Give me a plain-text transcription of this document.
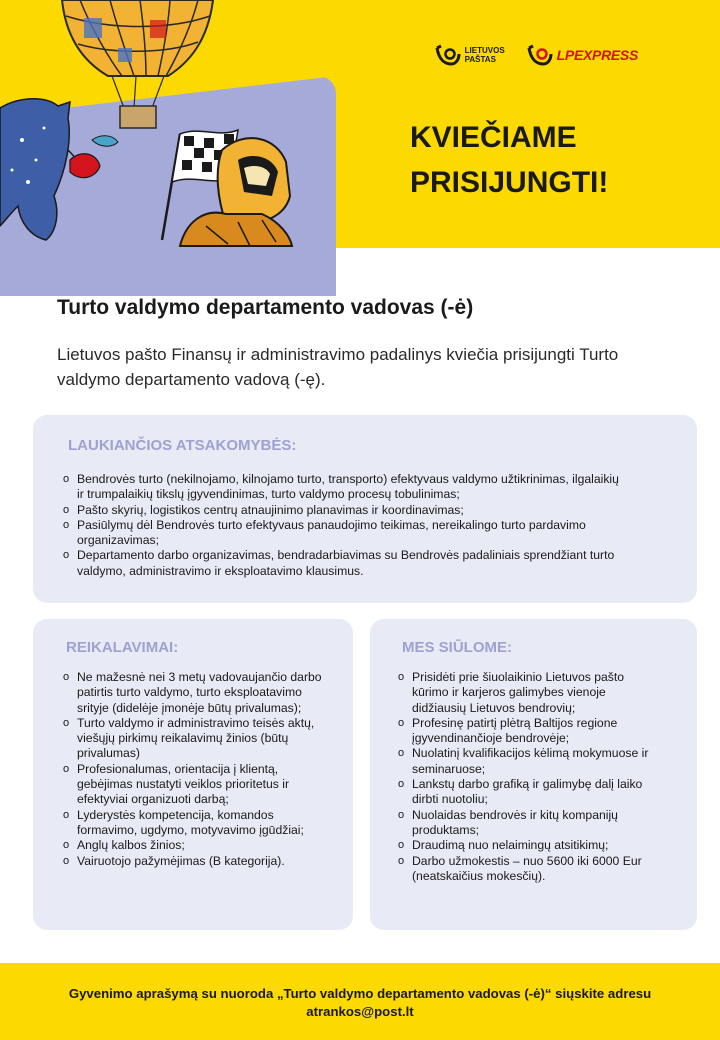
LIETUVOS
PAŠTAS	LPEXPRESS
KVIEČIAME
PRISIJUNGTI!
Turto valdymo departamento vadovas (-ė)

Lietuvos pašto Finansų ir administravimo padalinys kviečia prisijungti Turto valdymo departamento vadovą (-ę).

LAUKIANČIOS ATSAKOMYBĖS:
o Bendrovės turto (nekilnojamo, kilnojamo turto, transporto) efektyvaus valdymo užtikrinimas, ilgalaikių ir trumpalaikių tikslų įgyvendinimas, turto valdymo procesų tobulinimas;
o Pašto skyrių, logistikos centrų atnaujinimo planavimas ir koordinavimas;
o Pasiūlymų dėl Bendrovės turto efektyvaus panaudojimo teikimas, nereikalingo turto pardavimo organizavimas;
o Departamento darbo organizavimas, bendradarbiavimas su Bendrovės padaliniais sprendžiant turto valdymo, administravimo ir eksploatavimo klausimus.
REIKALAVIMAI:
o Ne mažesnė nei 3 metų vadovaujančio darbo patirtis turto valdymo, turto eksploatavimo srityje (didelėje įmonėje būtų privalumas);
o Turto valdymo ir administravimo teisės aktų, viešųjų pirkimų reikalavimų žinios (būtų privalumas)
o Profesionalumas, orientacija į klientą, gebėjimas nustatyti veiklos prioritetus ir efektyviai organizuoti darbą;
o Lyderystės kompetencija, komandos formavimo, ugdymo, motyvavimo įgūdžiai;
o Anglų kalbos žinios;
o Vairuotojo pažymėjimas (B kategorija).
MES SIŪLOME:
o Prisidėti prie šiuolaikinio Lietuvos pašto kūrimo ir karjeros galimybes vienoje didžiausių Lietuvos bendrovių;
o Profesinę patirtį plėtrą Baltijos regione įgyvendinančioje bendrovėje;
o Nuolatinį kvalifikacijos kėlimą mokymuose ir seminaruose;
o Lankstų darbo grafiką ir galimybę dalį laiko dirbti nuotoliu;
o Nuolaidas bendrovės ir kitų kompanijų produktams;
o Draudimą nuo nelaimingų atsitikimų;
o Darbo užmokestis – nuo 5600 iki 6000 Eur (neatskaičius mokesčių).

Gyvenimo aprašymą su nuoroda „Turto valdymo departamento vadovas (-ė)“ siųskite adresu
atrankos@post.lt
